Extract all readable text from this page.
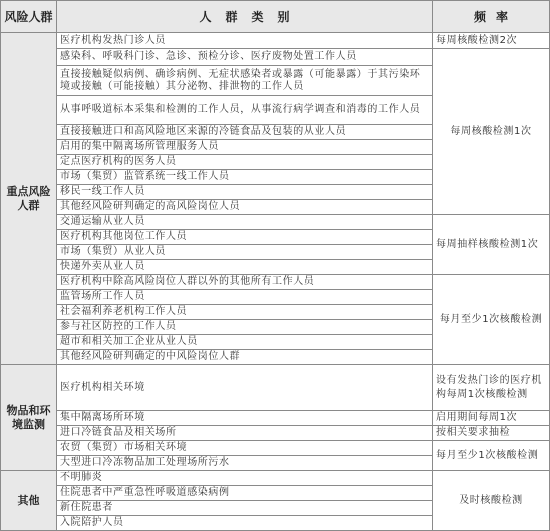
风险人群	人群类别	频率
重点风险人群	医疗机构发热门诊人员	每周核酸检测2次
	感染科、呼吸科门诊、急诊、预检分诊、医疗废物处置工作人员	每周核酸检测1次
	直接接触疑似病例、确诊病例、无症状感染者或暴露（可能暴露）于其污染环境或接触（可能接触）其分泌物、排泄物的工作人员	
	从事呼吸道标本采集和检测的工作人员，从事流行病学调查和消毒的工作人员	
	直接接触进口和高风险地区来源的冷链食品及包装的从业人员	
	启用的集中隔离场所管理服务人员	
	定点医疗机构的医务人员	
	市场（集贸）监管系统一线工作人员	
	移民一线工作人员	
	其他经风险研判确定的高风险岗位人员	
	交通运输从业人员	每周抽样核酸检测1次
	医疗机构其他岗位工作人员	
	市场（集贸）从业人员	
	快递外卖从业人员	
	医疗机构中除高风险岗位人群以外的其他所有工作人员	每月至少1次核酸检测
	监管场所工作人员	
	社会福利养老机构工作人员	
	参与社区防控的工作人员	
	超市和相关加工企业从业人员	
	其他经风险研判确定的中风险岗位人群	
物品和环境监测	医疗机构相关环境	设有发热门诊的医疗机构每周1次核酸检测
	集中隔离场所环境	启用期间每周1次
	进口冷链食品及相关场所	按相关要求抽检
	农贸（集贸）市场相关环境	每月至少1次核酸检测
	大型进口冷冻物品加工处理场所污水	
其他	不明肺炎	及时核酸检测
	住院患者中严重急性呼吸道感染病例	
	新住院患者	
	入院陪护人员	
